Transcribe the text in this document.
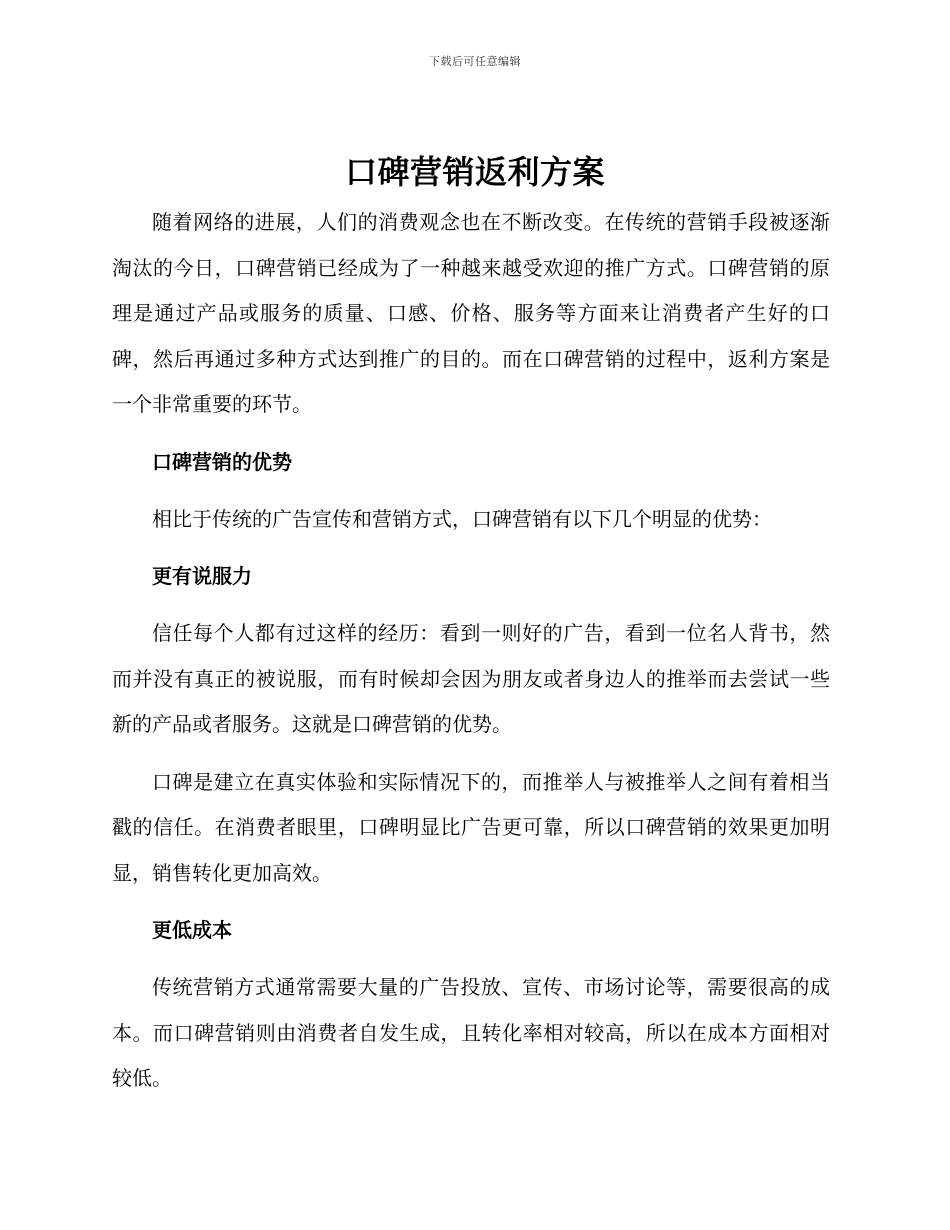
下载后可任意编辑
口碑营销返利方案

随着网络的进展，人们的消费观念也在不断改变。在传统的营销手段被逐渐淘汰的今日，口碑营销已经成为了一种越来越受欢迎的推广方式。口碑营销的原理是通过产品或服务的质量、口感、价格、服务等方面来让消费者产生好的口碑，然后再通过多种方式达到推广的目的。而在口碑营销的过程中，返利方案是一个非常重要的环节。

口碑营销的优势

相比于传统的广告宣传和营销方式，口碑营销有以下几个明显的优势：

更有说服力

信任每个人都有过这样的经历：看到一则好的广告，看到一位名人背书，然而并没有真正的被说服，而有时候却会因为朋友或者身边人的推举而去尝试一些新的产品或者服务。这就是口碑营销的优势。

口碑是建立在真实体验和实际情况下的，而推举人与被推举人之间有着相当戳的信任。在消费者眼里，口碑明显比广告更可靠，所以口碑营销的效果更加明显，销售转化更加高效。

更低成本

传统营销方式通常需要大量的广告投放、宣传、市场讨论等，需要很高的成本。而口碑营销则由消费者自发生成，且转化率相对较高，所以在成本方面相对较低。
